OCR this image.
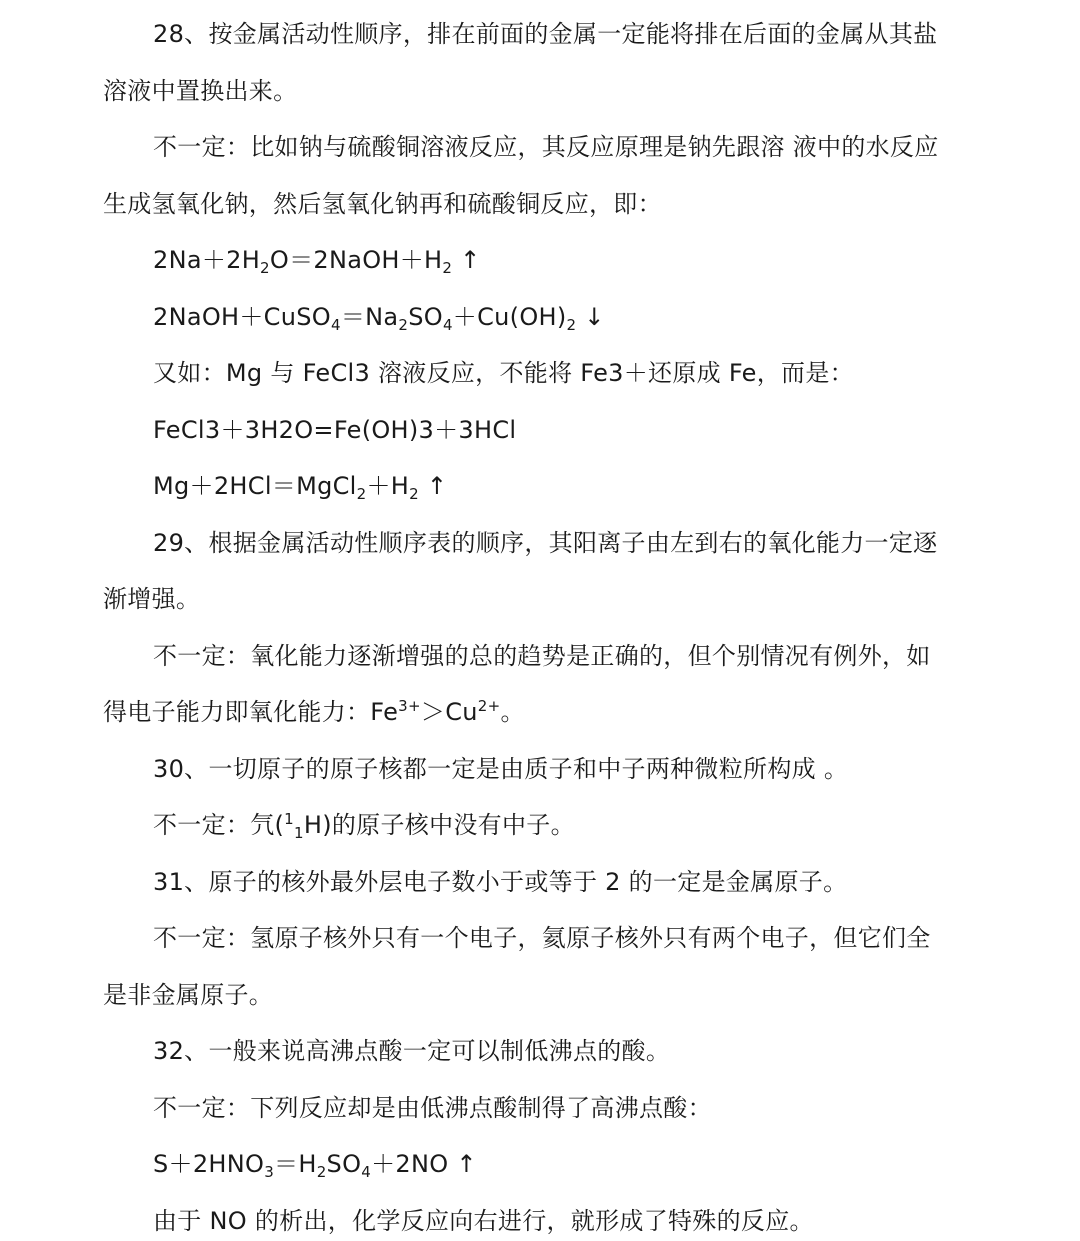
28、按金属活动性顺序，排在前面的金属一定能将排在后面的金属从其盐
溶液中置换出来。
不一定：比如钠与硫酸铜溶液反应，其反应原理是钠先跟溶 液中的水反应
生成氢氧化钠，然后氢氧化钠再和硫酸铜反应，即：
$2Na+2H_2O=2NaOH+H_2$ ↑
$2NaOH+CuSO_4=Na_2SO_4+Cu(OH)_2$ ↓
又如：Mg 与 FeCl3 溶液反应，不能将 Fe3＋还原成 Fe，而是：
FeCl3＋3H2O=Fe(OH)3＋3HCl
$Mg+2HCl=MgCl_2+H_2$ ↑
29、根据金属活动性顺序表的顺序，其阳离子由左到右的氧化能力一定逐
渐增强。
不一定：氧化能力逐渐增强的总的趋势是正确的，但个别情况有例外，如
得电子能力即氧化能力：$Fe^{3+}>Cu^{2+}$。
30、一切原子的原子核都一定是由质子和中子两种微粒所构成 。
不一定：氕(11H)的原子核中没有中子。
31、原子的核外最外层电子数小于或等于 2 的一定是金属原子。
不一定：氢原子核外只有一个电子，氦原子核外只有两个电子，但它们全
是非金属原子。
32、一般来说高沸点酸一定可以制低沸点的酸。
不一定：下列反应却是由低沸点酸制得了高沸点酸：
$S+2HNO_3=H_2SO_4+2NO$ ↑
由于 NO 的析出，化学反应向右进行，就形成了特殊的反应。
